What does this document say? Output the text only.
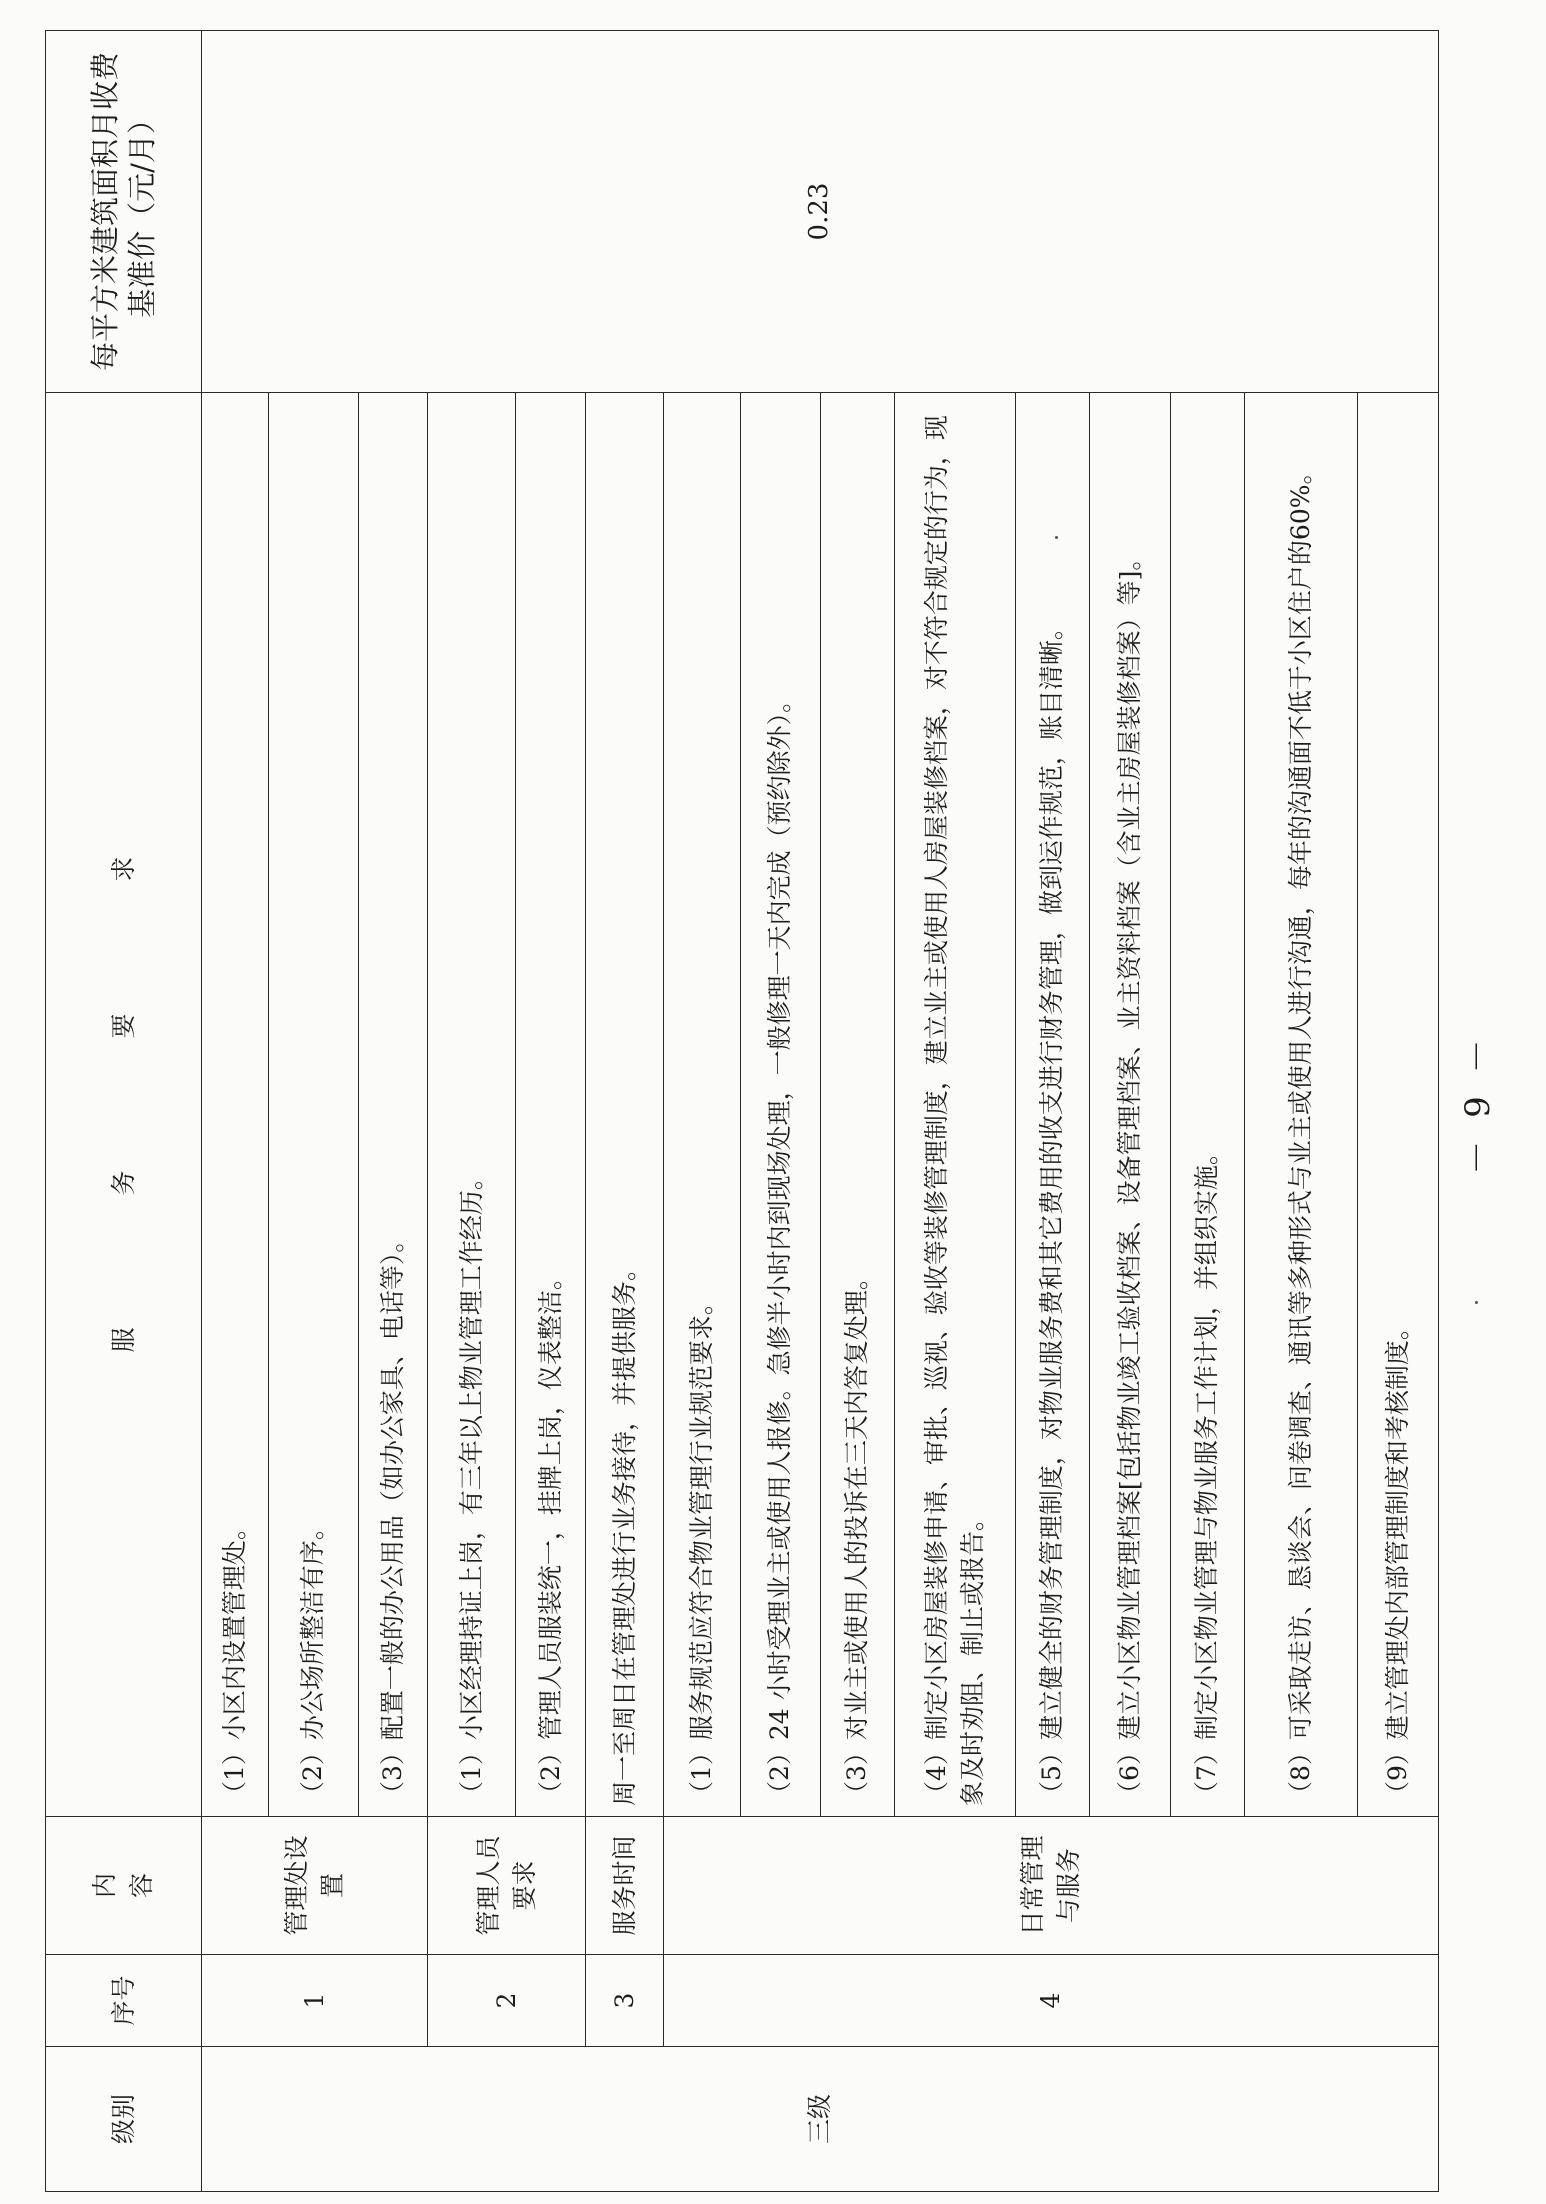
级别	序号	内 容	服 务 要 求	每平方米建筑面积月收费基准价（元/月）
三级	1	管理处设置	（1）小区内设置管理处。	0.23
			（2）办公场所整洁有序。	
			（3）配置一般的办公用品（如办公家具、电话等）。	
	2	管理人员要求	（1）小区经理持证上岗，有三年以上物业管理工作经历。	
			（2）管理人员服装统一，挂牌上岗，仪表整洁。	
	3	服务时间	周一至周日在管理处进行业务接待，并提供服务。	
	4	日常管理与服务	（1）服务规范应符合物业管理行业规范要求。	
			（2）24 小时受理业主或使用人报修。急修半小时内到现场处理，一般修理一天内完成（预约除外）。	
			（3）对业主或使用人的投诉在三天内答复处理。	
			（4）制定小区房屋装修申请、审批、巡视、验收等装修管理制度，建立业主或使用人房屋装修档案，对不符合规定的行为，现象及时劝阻、制止或报告。	
			（5）建立健全的财务管理制度，对物业服务费和其它费用的收支进行财务管理，做到运作规范，账目清晰。	
			（6）建立小区物业管理档案[包括物业竣工验收档案、设备管理档案、业主资料档案（含业主房屋装修档案）等]。	
			（7）制定小区物业管理与物业服务工作计划，并组织实施。	
			（8）可采取走访、恳谈会、问卷调查、通讯等多种形式与业主或使用人进行沟通，每年的沟通面不低于小区住户的60%。	
			（9）建立管理处内部管理制度和考核制度。	
－ 9 －
